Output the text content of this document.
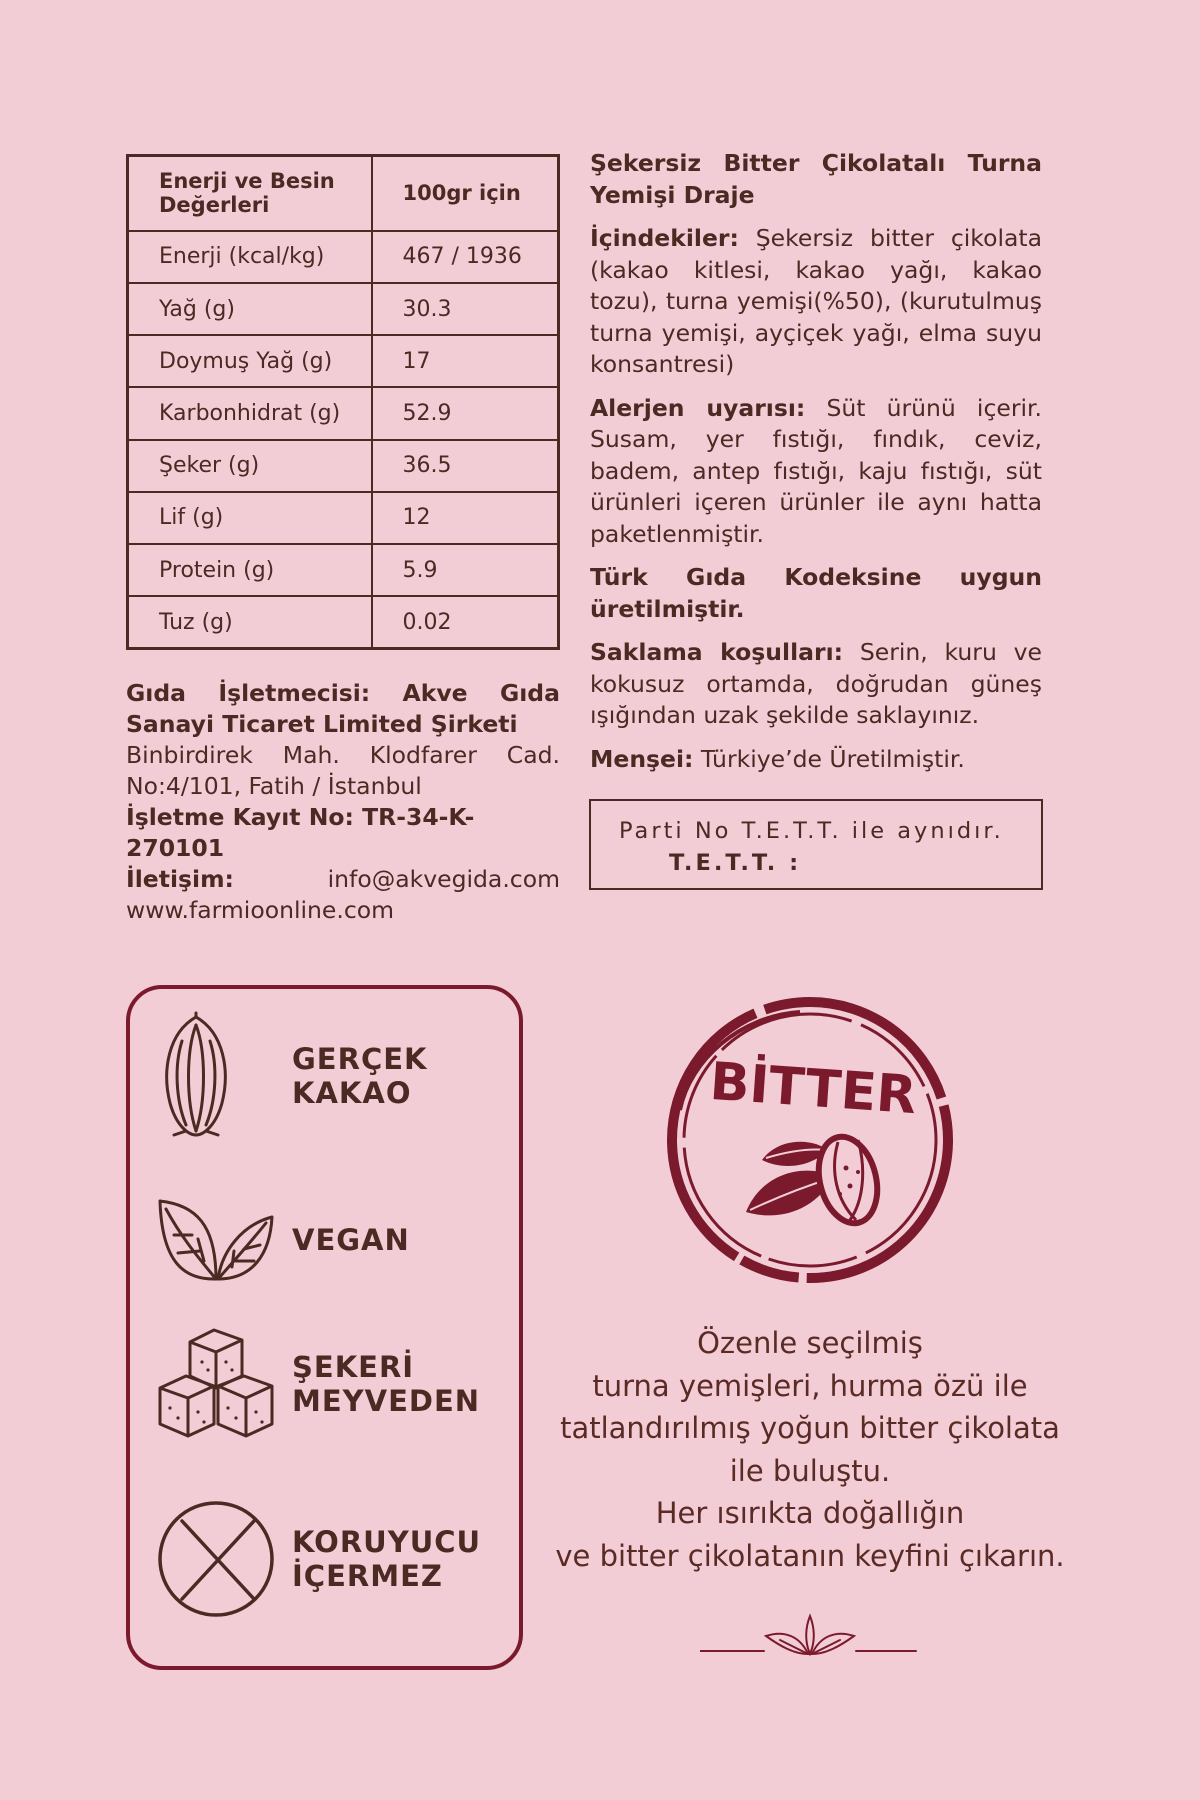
Enerji ve Besin Değerleri	100gr için
Enerji (kcal/kg)	467 / 1936
Yağ (g)	30.3
Doymuş Yağ (g)	17
Karbonhidrat (g)	52.9
Şeker (g)	36.5
Lif (g)	12
Protein (g)	5.9
Tuz (g)	0.02

Şekersiz Bitter Çikolatalı Turna Yemişi Draje

İçindekiler: Şekersiz bitter çikolata (kakao kitlesi, kakao yağı, kakao tozu), turna yemişi(%50), (kurutulmuş turna yemişi, ayçiçek yağı, elma suyu konsantresi)

Alerjen uyarısı: Süt ürünü içerir. Susam, yer fıstığı, fındık, ceviz, badem, antep fıstığı, kaju fıstığı, süt ürünleri içeren ürünler ile aynı hatta paketlenmiştir.

Türk Gıda Kodeksine uygun üretilmiştir.

Saklama koşulları: Serin, kuru ve kokusuz ortamda, doğrudan güneş ışığından uzak şekilde saklayınız.

Menşei: Türkiye’de Üretilmiştir.

Gıda İşletmecisi: Akve Gıda
Sanayi Ticaret Limited Şirketi
Binbirdirek Mah. Klodfarer Cad.
No:4/101, Fatih / İstanbul
İşletme Kayıt No: TR-34-K-270101
İletişim:	info@akvegida.com
www.farmioonline.com
Parti No T.E.T.T. ile aynıdır.
T.E.T.T. :
GERÇEK
KAKAO
VEGAN
ŞEKERİ
MEYVEDEN
KORUYUCU
İÇERMEZ
BİTTER
Özenle seçilmiş
turna yemişleri, hurma özü ile
tatlandırılmış yoğun bitter çikolata
ile buluştu.
Her ısırıkta doğallığın
ve bitter çikolatanın keyfini çıkarın.
